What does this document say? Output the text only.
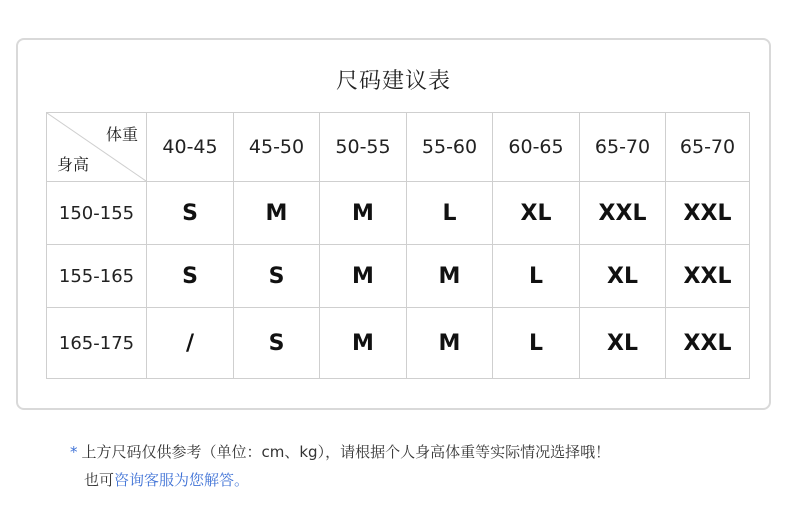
尺码建议表
体重
身高	40-45	45-50	50-55	55-60	60-65	65-70	65-70
150-155	S	M	M	L	XL	XXL	XXL
155-165	S	S	M	M	L	XL	XXL
165-175	/	S	M	M	L	XL	XXL
* 上方尺码仅供参考（单位：cm、kg），请根据个人身高体重等实际情况选择哦！
也可咨询客服为您解答。
